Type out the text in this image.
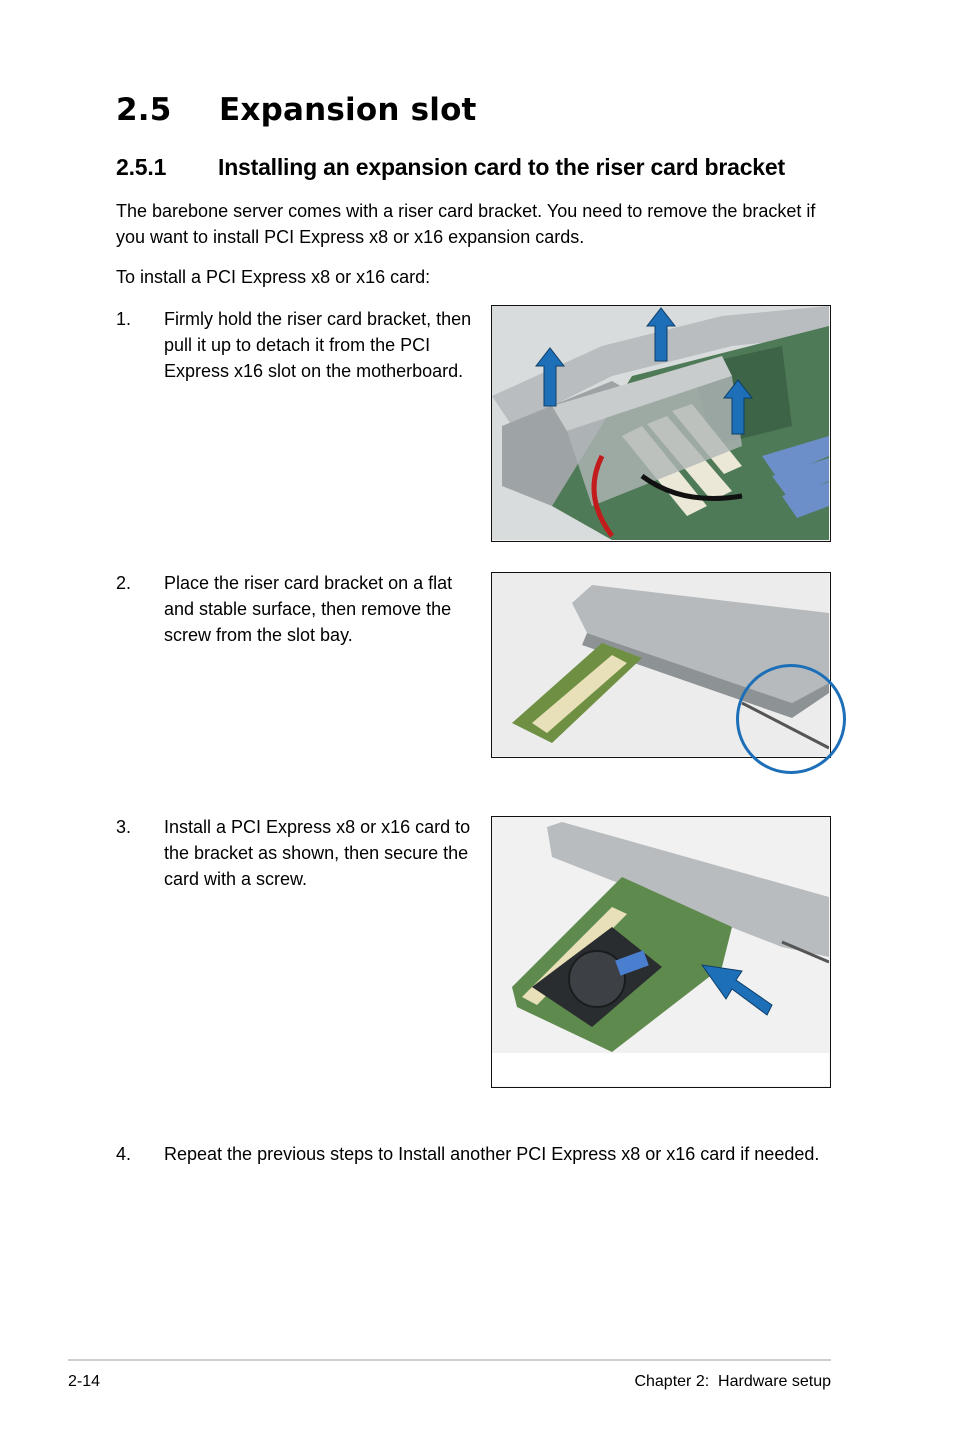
2.5 Expansion slot
2.5.1 Installing an expansion card to the riser card bracket

The barebone server comes with a riser card bracket. You need to remove the bracket if you want to install PCI Express x8 or x16 expansion cards.

To install a PCI Express x8 or x16 card:

1. Firmly hold the riser card bracket, then pull it up to detach it from the PCI Express x16 slot on the motherboard.

2. Place the riser card bracket on a flat and stable surface, then remove the screw from the slot bay.

3. Install a PCI Express x8 or x16 card to the bracket as shown, then secure the card with a screw.

4. Repeat the previous steps to Install another PCI Express x8 or x16 card if needed.

2-14	Chapter 2:  Hardware setup
